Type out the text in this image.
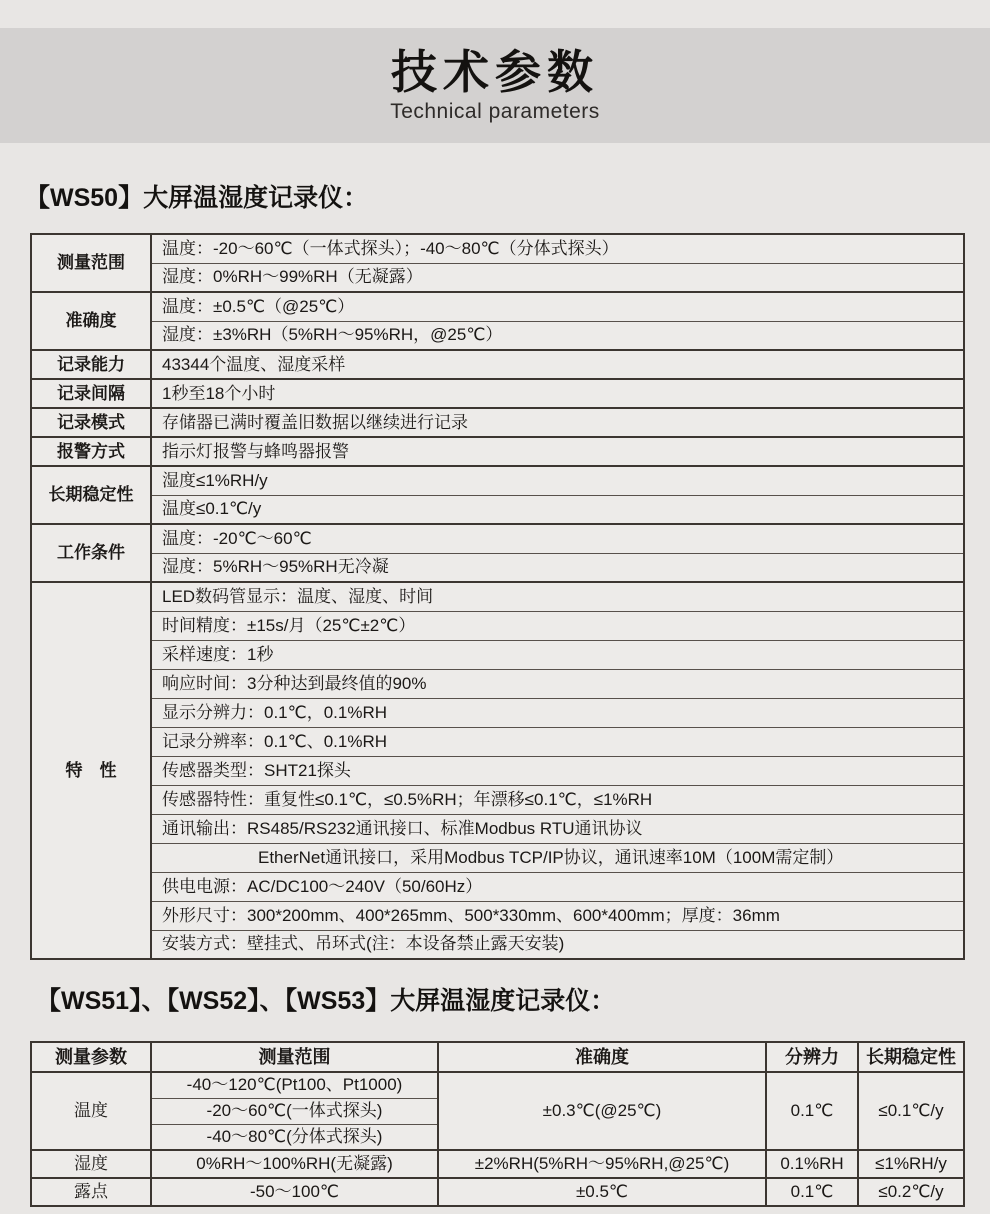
技术参数
Technical parameters
【WS50】大屏温湿度记录仪：
测量范围	温度：-20～60℃（一体式探头）；-40～80℃（分体式探头）
	湿度：0%RH～99%RH（无凝露）
准确度	温度：±0.5℃（@25℃）
	湿度：±3%RH（5%RH～95%RH，@25℃）
记录能力	43344个温度、湿度采样
记录间隔	1秒至18个小时
记录模式	存储器已满时覆盖旧数据以继续进行记录
报警方式	指示灯报警与蜂鸣器报警
长期稳定性	湿度≤1%RH/y
	温度≤0.1℃/y
工作条件	温度：-20℃～60℃
	湿度：5%RH～95%RH无冷凝
特　性	LED数码管显示：温度、湿度、时间
	时间精度：±15s/月（25℃±2℃）
	采样速度：1秒
	响应时间：3分种达到最终值的90%
	显示分辨力：0.1℃，0.1%RH
	记录分辨率：0.1℃、0.1%RH
	传感器类型：SHT21探头
	传感器特性：重复性≤0.1℃，≤0.5%RH；年漂移≤0.1℃，≤1%RH
	通讯输出：RS485/RS232通讯接口、标准Modbus RTU通讯协议
	EtherNet通讯接口，采用Modbus TCP/IP协议，通讯速率10M（100M需定制）
	供电电源：AC/DC100～240V（50/60Hz）
	外形尺寸：300*200mm、400*265mm、500*330mm、600*400mm；厚度：36mm
	安装方式：壁挂式、吊环式(注：本设备禁止露天安装)
【WS51】、【WS52】、【WS53】大屏温湿度记录仪：
测量参数	测量范围	准确度	分辨力	长期稳定性
温度	-40～120℃(Pt100、Pt1000)	±0.3℃(@25℃)	0.1℃	≤0.1℃/y
	-20～60℃(一体式探头)			
	-40～80℃(分体式探头)			
湿度	0%RH～100%RH(无凝露)	±2%RH(5%RH～95%RH,@25℃)	0.1%RH	≤1%RH/y
露点	-50～100℃	±0.5℃	0.1℃	≤0.2℃/y
